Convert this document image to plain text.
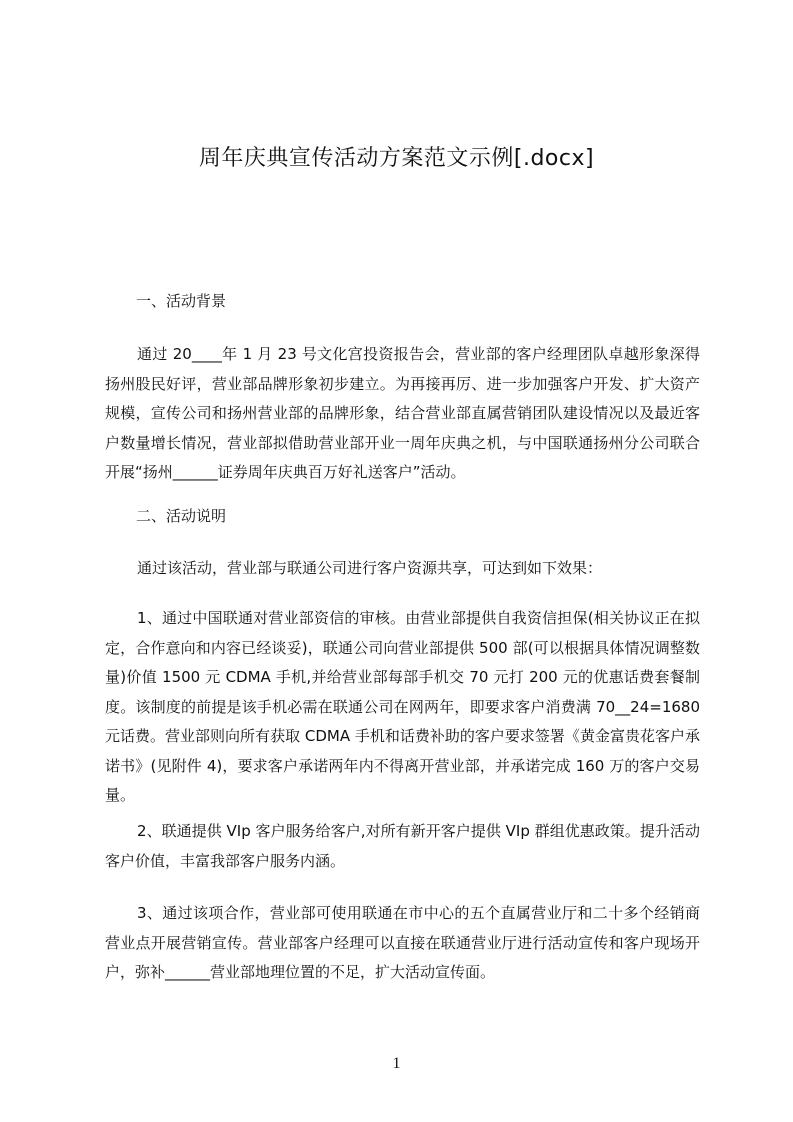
周年庆典宣传活动方案范文示例[.docx]
一、活动背景
通过 20____年 1 月 23 号文化宫投资报告会，营业部的客户经理团队卓越形象深得扬州股民好评，营业部品牌形象初步建立。为再接再厉、进一步加强客户开发、扩大资产规模，宣传公司和扬州营业部的品牌形象，结合营业部直属营销团队建设情况以及最近客户数量增长情况，营业部拟借助营业部开业一周年庆典之机，与中国联通扬州分公司联合开展“扬州______证券周年庆典百万好礼送客户”活动。
二、活动说明
通过该活动，营业部与联通公司进行客户资源共享，可达到如下效果：
1、通过中国联通对营业部资信的审核。由营业部提供自我资信担保(相关协议正在拟定，合作意向和内容已经谈妥)，联通公司向营业部提供 500 部(可以根据具体情况调整数量)价值 1500 元 CDMA 手机,并给营业部每部手机交 70 元打 200 元的优惠话费套餐制度。该制度的前提是该手机必需在联通公司在网两年，即要求客户消费满 70__24=1680 元话费。营业部则向所有获取 CDMA 手机和话费补助的客户要求签署《黄金富贵花客户承诺书》(见附件 4)，要求客户承诺两年内不得离开营业部，并承诺完成 160 万的客户交易量。
2、联通提供 VIp 客户服务给客户,对所有新开客户提供 VIp 群组优惠政策。提升活动客户价值，丰富我部客户服务内涵。
3、通过该项合作，营业部可使用联通在市中心的五个直属营业厅和二十多个经销商营业点开展营销宣传。营业部客户经理可以直接在联通营业厅进行活动宣传和客户现场开户，弥补______营业部地理位置的不足，扩大活动宣传面。
1
